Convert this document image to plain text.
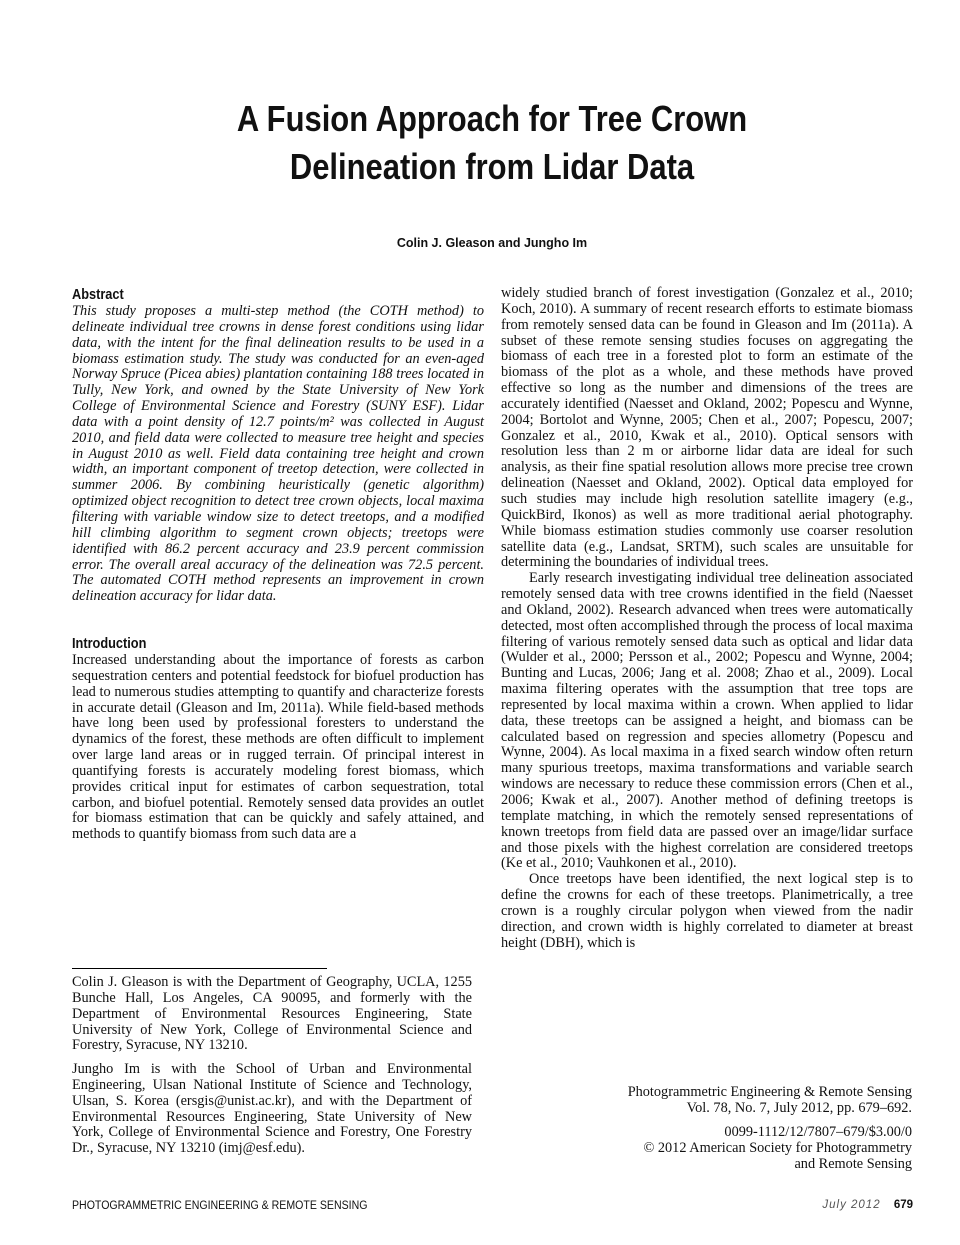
A Fusion Approach for Tree Crown
Delineation from Lidar Data
Colin J. Gleason and Jungho Im
Abstract

This study proposes a multi-step method (the COTH method) to delineate individual tree crowns in dense forest conditions using lidar data, with the intent for the final delineation results to be used in a biomass estimation study. The study was conducted for an even-aged Norway Spruce (Picea abies) plantation containing 188 trees located in Tully, New York, and owned by the State University of New York College of Environmental Science and Forestry (SUNY ESF). Lidar data with a point density of 12.7 points/m² was collected in August 2010, and field data were collected to measure tree height and species in August 2010 as well. Field data containing tree height and crown width, an important component of treetop detection, were collected in summer 2006. By combining heuristically (genetic algorithm) optimized object recognition to detect tree crown objects, local maxima filtering with variable window size to detect treetops, and a modified hill climbing algorithm to segment crown objects; treetops were identified with 86.2 percent accuracy and 23.9 percent commission error. The overall areal accuracy of the delineation was 72.5 percent. The automated COTH method represents an improvement in crown delineation accuracy for lidar data.

Introduction

Increased understanding about the importance of forests as carbon sequestration centers and potential feedstock for biofuel production has lead to numerous studies attempting to quantify and characterize forests in accurate detail (Gleason and Im, 2011a). While field-based methods have long been used by professional foresters to understand the dynamics of the forest, these methods are often difficult to implement over large land areas or in rugged terrain. Of principal interest in quantifying forests is accurately modeling forest biomass, which provides critical input for estimates of carbon sequestration, total carbon, and biofuel potential. Remotely sensed data provides an outlet for biomass estimation that can be quickly and safely attained, and methods to quantify biomass from such data are a

widely studied branch of forest investigation (Gonzalez et al., 2010; Koch, 2010). A summary of recent research efforts to estimate biomass from remotely sensed data can be found in Gleason and Im (2011a). A subset of these remote sensing studies focuses on aggregating the biomass of each tree in a forested plot to form an estimate of the biomass of the plot as a whole, and these methods have proved effective so long as the number and dimensions of the trees are accurately identified (Naesset and Okland, 2002; Popescu and Wynne, 2004; Bortolot and Wynne, 2005; Chen et al., 2007; Popescu, 2007; Gonzalez et al., 2010, Kwak et al., 2010). Optical sensors with resolution less than 2 m or airborne lidar data are ideal for such analysis, as their fine spatial resolution allows more precise tree crown delineation (Naesset and Okland, 2002). Optical data employed for such studies may include high resolution satellite imagery (e.g., QuickBird, Ikonos) as well as more traditional aerial photography. While biomass estimation studies commonly use coarser resolution satellite data (e.g., Landsat, SRTM), such scales are unsuitable for determining the boundaries of individual trees.

Early research investigating individual tree delineation associated remotely sensed data with tree crowns identified in the field (Naesset and Okland, 2002). Research advanced when trees were automatically detected, most often accomplished through the process of local maxima filtering of various remotely sensed data such as optical and lidar data (Wulder et al., 2000; Persson et al., 2002; Popescu and Wynne, 2004; Bunting and Lucas, 2006; Jang et al. 2008; Zhao et al., 2009). Local maxima filtering operates with the assumption that tree tops are represented by local maxima within a crown. When applied to lidar data, these treetops can be assigned a height, and biomass can be calculated based on regression and species allometry (Popescu and Wynne, 2004). As local maxima in a fixed search window often return many spurious treetops, maxima transformations and variable search windows are necessary to reduce these commission errors (Chen et al., 2006; Kwak et al., 2007). Another method of defining treetops is template matching, in which the remotely sensed representations of known treetops from field data are passed over an image/lidar surface and those pixels with the highest correlation are considered treetops (Ke et al., 2010; Vauhkonen et al., 2010).

Once treetops have been identified, the next logical step is to define the crowns for each of these treetops. Planimetrically, a tree crown is a roughly circular polygon when viewed from the nadir direction, and crown width is highly correlated to diameter at breast height (DBH), which is

Colin J. Gleason is with the Department of Geography, UCLA, 1255 Bunche Hall, Los Angeles, CA 90095, and formerly with the Department of Environmental Resources Engineering, State University of New York, College of Environmental Science and Forestry, Syracuse, NY 13210.

Jungho Im is with the School of Urban and Environmental Engineering, Ulsan National Institute of Science and Technology, Ulsan, S. Korea (ersgis@unist.ac.kr), and with the Department of Environmental Resources Engineering, State University of New York, College of Environmental Science and Forestry, One Forestry Dr., Syracuse, NY 13210 (imj@esf.edu).

Photogrammetric Engineering & Remote Sensing
Vol. 78, No. 7, July 2012, pp. 679–692.
0099-1112/12/7807–679/$3.00/0
© 2012 American Society for Photogrammetry
and Remote Sensing
PHOTOGRAMMETRIC ENGINEERING & REMOTE SENSING	July 2012 679
